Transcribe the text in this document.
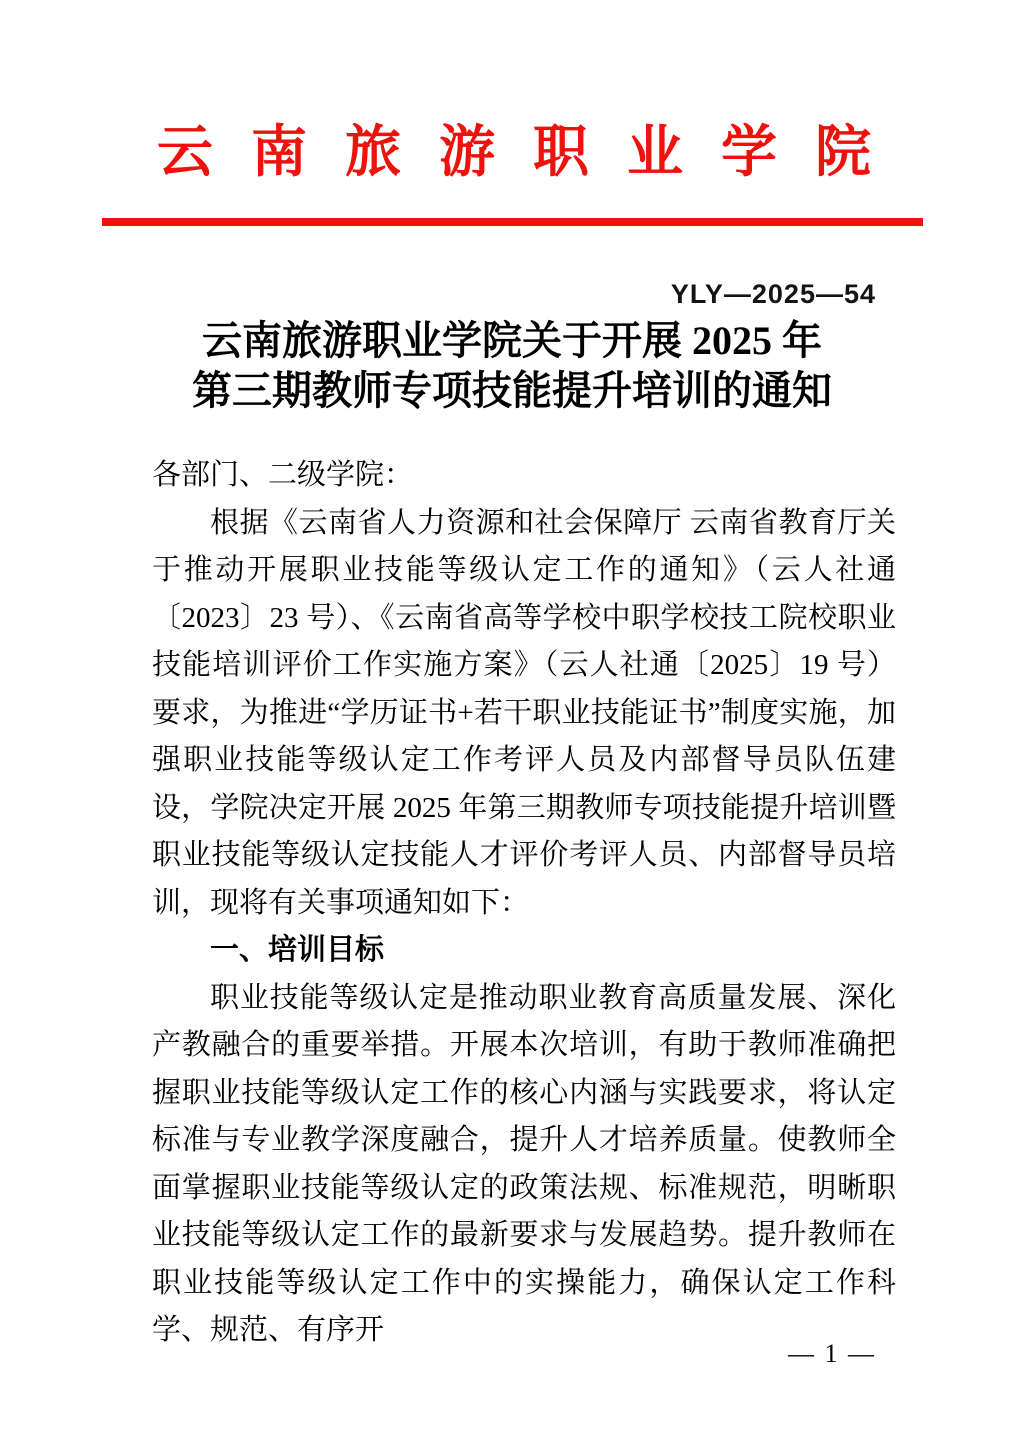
云南旅游职业学院
YLY—2025—54
云南旅游职业学院关于开展 2025 年
第三期教师专项技能提升培训的通知

各部门、二级学院：

根据《云南省人力资源和社会保障厅 云南省教育厅关于推动开展职业技能等级认定工作的通知》（云人社通〔2023〕23 号）、《云南省高等学校中职学校技工院校职业技能培训评价工作实施方案》（云人社通〔2025〕19 号）要求，为推进“学历证书+若干职业技能证书”制度实施，加强职业技能等级认定工作考评人员及内部督导员队伍建设，学院决定开展 2025 年第三期教师专项技能提升培训暨职业技能等级认定技能人才评价考评人员、内部督导员培训，现将有关事项通知如下：

一、培训目标

职业技能等级认定是推动职业教育高质量发展、深化产教融合的重要举措。开展本次培训，有助于教师准确把握职业技能等级认定工作的核心内涵与实践要求，将认定标准与专业教学深度融合，提升人才培养质量。使教师全面掌握职业技能等级认定的政策法规、标准规范，明晰职业技能等级认定工作的最新要求与发展趋势。提升教师在职业技能等级认定工作中的实操能力，确保认定工作科学、规范、有序开

— 1 —
